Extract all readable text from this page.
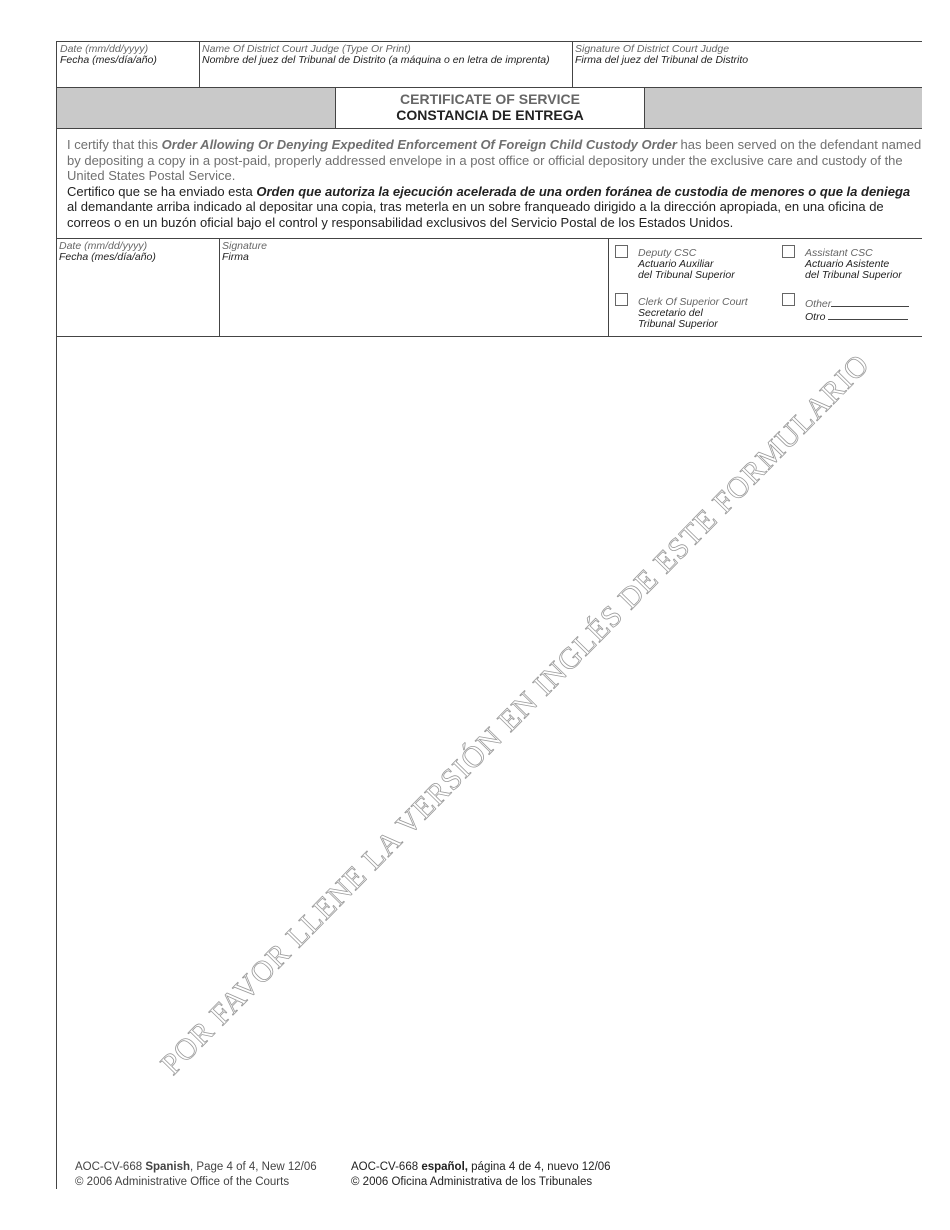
Date (mm/dd/yyyy)
Fecha (mes/día/año)
Name Of District Court Judge (Type Or Print)
Nombre del juez del Tribunal de Distrito (a máquina o en letra de imprenta)
Signature Of District Court Judge
Firma del juez del Tribunal de Distrito
CERTIFICATE OF SERVICE
CONSTANCIA DE ENTREGA
I certify that this Order Allowing Or Denying Expedited Enforcement Of Foreign Child Custody Order has been served on the defendant named by depositing a copy in a post-paid, properly addressed envelope in a post office or official depository under the exclusive care and custody of the United States Postal Service.
Certifico que se ha enviado esta Orden que autoriza la ejecución acelerada de una orden foránea de custodia de menores o que la deniega al demandante arriba indicado al depositar una copia, tras meterla en un sobre franqueado dirigido a la dirección apropiada, en una oficina de correos o en un buzón oficial bajo el control y responsabilidad exclusivos del Servicio Postal de los Estados Unidos.
Date (mm/dd/yyyy)
Fecha (mes/día/año)
Signature
Firma	Deputy CSC
Actuario Auxiliar
del Tribunal Superior
Assistant CSC
Actuario Asistente
del Tribunal Superior
Clerk Of Superior Court
Secretario del
Tribunal Superior
Other
Otro
POR FAVOR LLENE LA VERSIÓN EN INGLÉS DE ESTE FORMULARIO
AOC-CV-668 Spanish, Page 4 of 4, New 12/06
© 2006 Administrative Office of the Courts
AOC-CV-668 español, página 4 de 4, nuevo 12/06
© 2006 Oficina Administrativa de los Tribunales
